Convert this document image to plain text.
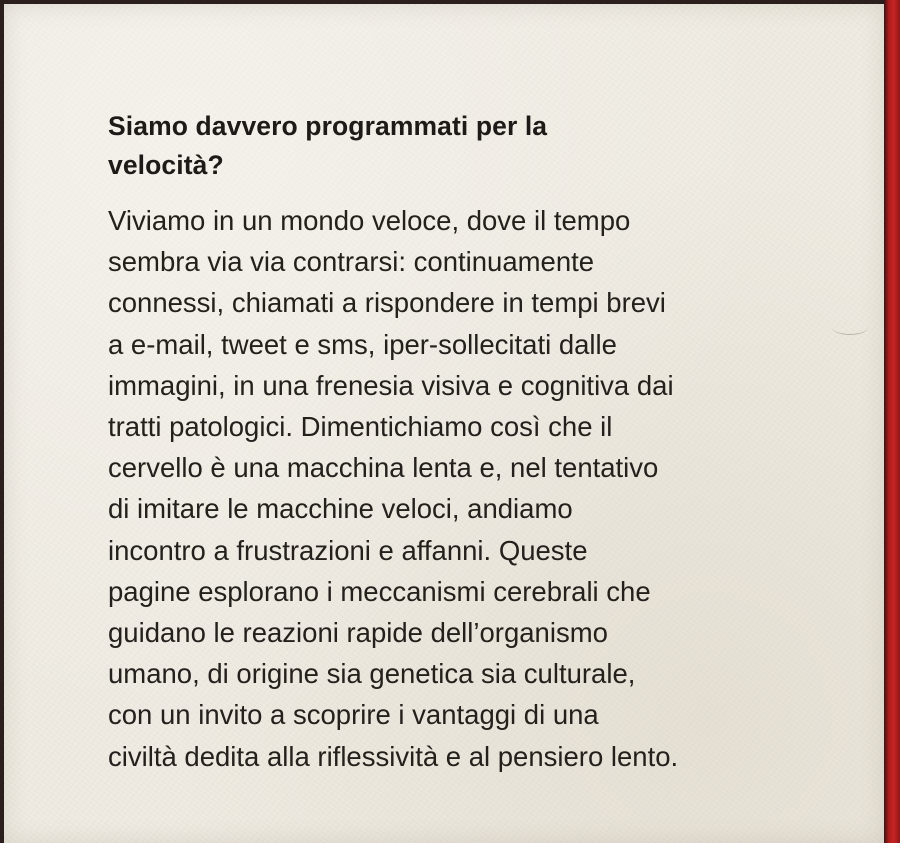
Siamo davvero programmati per la
velocità?

Viviamo in un mondo veloce, dove il tempo
sembra via via contrarsi: continuamente
connessi, chiamati a rispondere in tempi brevi
a e-mail, tweet e sms, iper-sollecitati dalle
immagini, in una frenesia visiva e cognitiva dai
tratti patologici. Dimentichiamo così che il
cervello è una macchina lenta e, nel tentativo
di imitare le macchine veloci, andiamo
incontro a frustrazioni e affanni. Queste
pagine esplorano i meccanismi cerebrali che
guidano le reazioni rapide dell’organismo
umano, di origine sia genetica sia culturale,
con un invito a scoprire i vantaggi di una
civiltà dedita alla riflessività e al pensiero lento.
